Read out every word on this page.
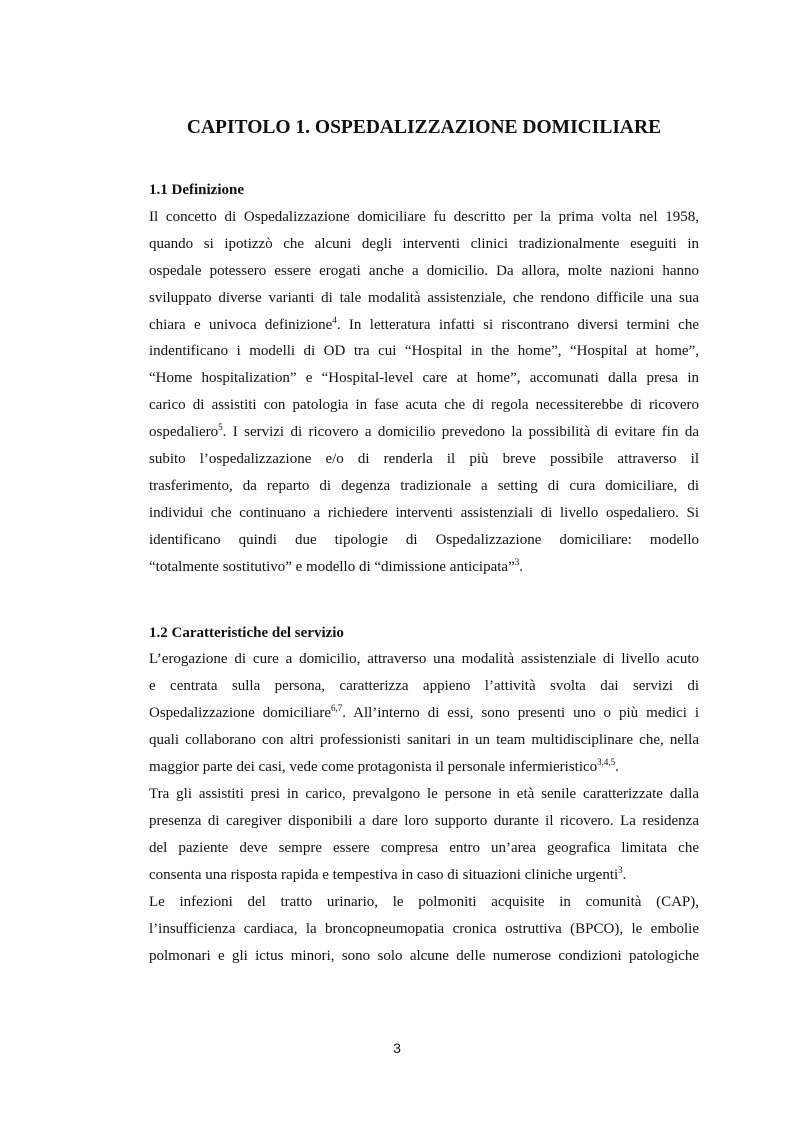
CAPITOLO 1. OSPEDALIZZAZIONE DOMICILIARE
1.1 Definizione
Il concetto di Ospedalizzazione domiciliare fu descritto per la prima volta nel 1958,
quando si ipotizzò che alcuni degli interventi clinici tradizionalmente eseguiti in
ospedale potessero essere erogati anche a domicilio. Da allora, molte nazioni hanno
sviluppato diverse varianti di tale modalità assistenziale, che rendono difficile una sua
chiara e univoca definizione$^4$. In letteratura infatti si riscontrano diversi termini che
indentificano i modelli di OD tra cui “Hospital in the home”, “Hospital at home”,
“Home hospitalization” e “Hospital-level care at home”, accomunati dalla presa in
carico di assistiti con patologia in fase acuta che di regola necessiterebbe di ricovero
ospedaliero$^5$. I servizi di ricovero a domicilio prevedono la possibilità di evitare fin da
subito l’ospedalizzazione e/o di renderla il più breve possibile attraverso il
trasferimento, da reparto di degenza tradizionale a setting di cura domiciliare, di
individui che continuano a richiedere interventi assistenziali di livello ospedaliero. Si
identificano quindi due tipologie di Ospedalizzazione domiciliare: modello
“totalmente sostitutivo” e modello di “dimissione anticipata”$^3$.
1.2 Caratteristiche del servizio
L’erogazione di cure a domicilio, attraverso una modalità assistenziale di livello acuto
e centrata sulla persona, caratterizza appieno l’attività svolta dai servizi di
Ospedalizzazione domiciliare$^{6,7}$. All’interno di essi, sono presenti uno o più medici i
quali collaborano con altri professionisti sanitari in un team multidisciplinare che, nella
maggior parte dei casi, vede come protagonista il personale infermieristico$^{3,4,5}$.
Tra gli assistiti presi in carico, prevalgono le persone in età senile caratterizzate dalla
presenza di caregiver disponibili a dare loro supporto durante il ricovero. La residenza
del paziente deve sempre essere compresa entro un’area geografica limitata che
consenta una risposta rapida e tempestiva in caso di situazioni cliniche urgenti$^3$.
Le infezioni del tratto urinario, le polmoniti acquisite in comunità (CAP),
l’insufficienza cardiaca, la broncopneumopatia cronica ostruttiva (BPCO), le embolie
polmonari e gli ictus minori, sono solo alcune delle numerose condizioni patologiche

3
